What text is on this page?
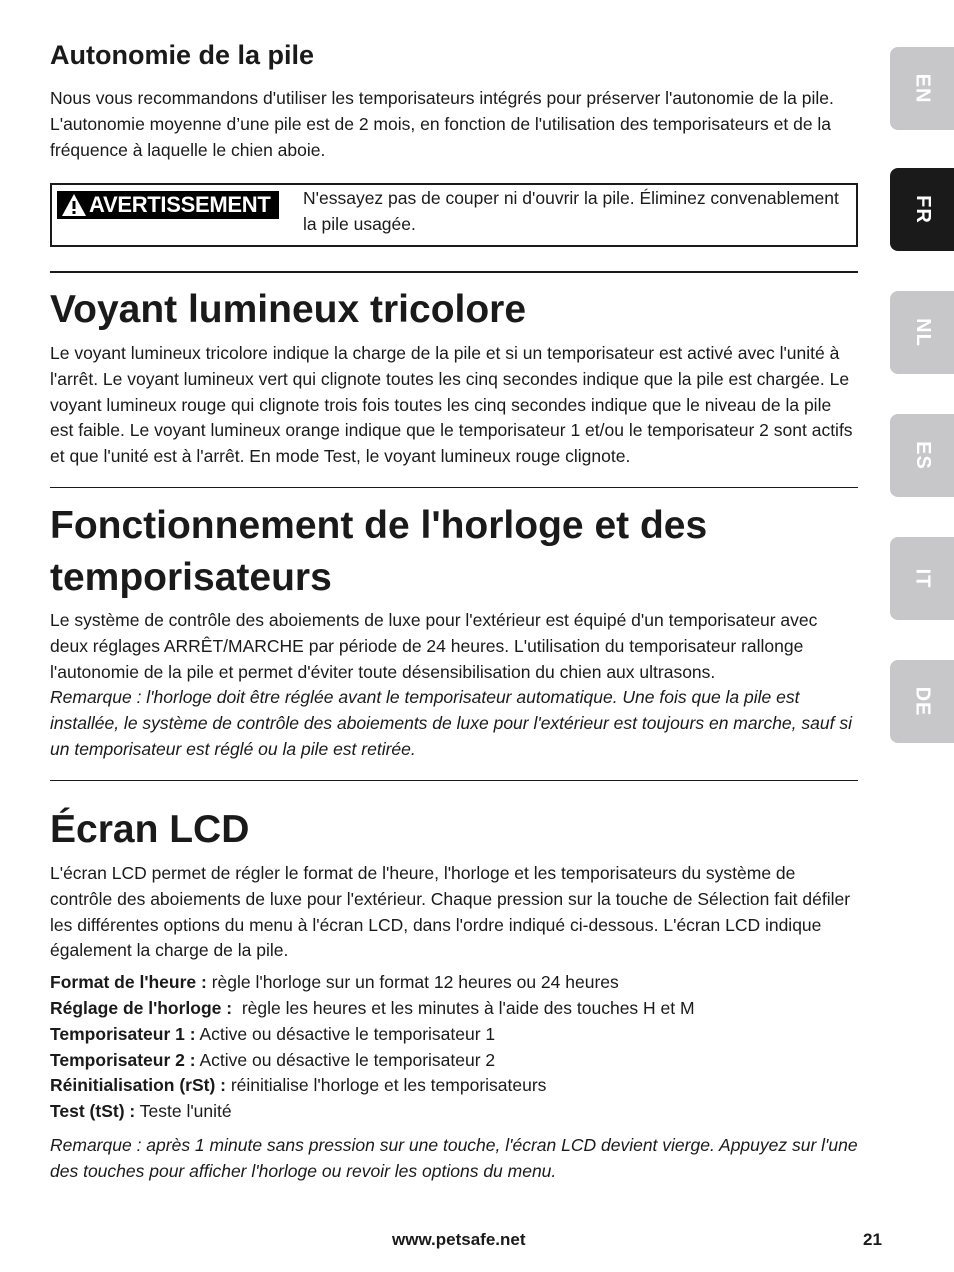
Autonomie de la pile

Nous vous recommandons d'utiliser les temporisateurs intégrés pour préserver l'autonomie de la pile. L'autonomie moyenne d’une pile est de 2 mois, en fonction de l'utilisation des temporisateurs et de la fréquence à laquelle le chien aboie.

AVERTISSEMENT N'essayez pas de couper ni d'ouvrir la pile. Éliminez convenablement la pile usagée.
Voyant lumineux tricolore

Le voyant lumineux tricolore indique la charge de la pile et si un temporisateur est activé avec l'unité à l'arrêt. Le voyant lumineux vert qui clignote toutes les cinq secondes indique que la pile est chargée. Le voyant lumineux rouge qui clignote trois fois toutes les cinq secondes indique que le niveau de la pile est faible. Le voyant lumineux orange indique que le temporisateur 1 et/ou le temporisateur 2 sont actifs et que l'unité est à l'arrêt. En mode Test, le voyant lumineux rouge clignote.

Fonctionnement de l'horloge et des
temporisateurs

Le système de contrôle des aboiements de luxe pour l'extérieur est équipé d'un temporisateur avec deux réglages ARRÊT/MARCHE par période de 24 heures. L'utilisation du temporisateur rallonge l'autonomie de la pile et permet d'éviter toute désensibilisation du chien aux ultrasons.

Remarque : l'horloge doit être réglée avant le temporisateur automatique. Une fois que la pile est installée, le système de contrôle des aboiements de luxe pour l'extérieur est toujours en marche, sauf si un temporisateur est réglé ou la pile est retirée.

Écran LCD

L'écran LCD permet de régler le format de l'heure, l'horloge et les temporisateurs du système de contrôle des aboiements de luxe pour l'extérieur. Chaque pression sur la touche de Sélection fait défiler les différentes options du menu à l'écran LCD, dans l'ordre indiqué ci-dessous. L'écran LCD indique également la charge de la pile.

Format de l'heure : règle l'horloge sur un format 12 heures ou 24 heures
Réglage de l'horloge :  règle les heures et les minutes à l'aide des touches H et M
Temporisateur 1 : Active ou désactive le temporisateur 1
Temporisateur 2 : Active ou désactive le temporisateur 2
Réinitialisation (rSt) : réinitialise l'horloge et les temporisateurs
Test (tSt) : Teste l'unité

Remarque : après 1 minute sans pression sur une touche, l'écran LCD devient vierge. Appuyez sur l'une des touches pour afficher l'horloge ou revoir les options du menu.

EN
FR
NL
ES
IT
DE
www.petsafe.net	21
